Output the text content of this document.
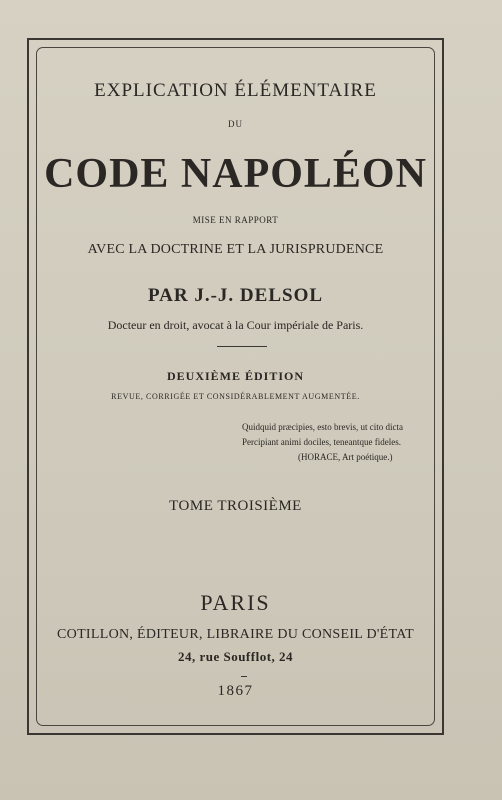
EXPLICATION ÉLÉMENTAIRE
DU
CODE NAPOLÉON
MISE EN RAPPORT
AVEC LA DOCTRINE ET LA JURISPRUDENCE
PAR J.-J. DELSOL
Docteur en droit, avocat à la Cour impériale de Paris.
DEUXIÈME ÉDITION
REVUE, CORRIGÉE ET CONSIDÉRABLEMENT AUGMENTÉE.
Quidquid præcipies, esto brevis, ut cito dicta
Percipiant animi dociles, teneantque fideles.
(HORACE, Art poétique.)
TOME TROISIÈME
PARIS
COTILLON, ÉDITEUR, LIBRAIRE DU CONSEIL D'ÉTAT
24, rue Soufflot, 24
1867
